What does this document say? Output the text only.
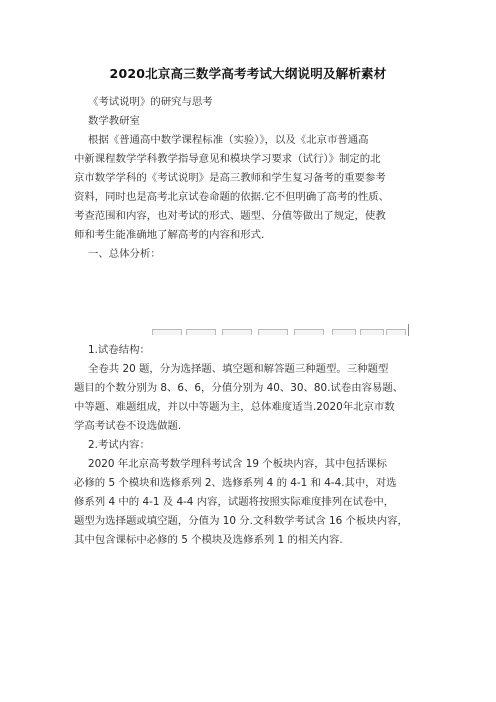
2020北京高三数学高考考试大纲说明及解析素材
《考试说明》的研究与思考
数学教研室
根据《普通高中数学课程标准（实验）》，以及《北京市普通高
中新课程数学学科教学指导意见和模块学习要求（试行）》制定的北
京市数学学科的《考试说明》是高三教师和学生复习备考的重要参考
资料，同时也是高考北京试卷命题的依据.它不但明确了高考的性质、
考查范围和内容，也对考试的形式、题型、分值等做出了规定，使教
师和考生能准确地了解高考的内容和形式.
一、总体分析：
1.试卷结构：
全卷共 20 题，分为选择题、填空题和解答题三种题型。三种题型
题目的个数分别为 8、6、6，分值分别为 40、30、80.试卷由容易题、
中等题、难题组成，并以中等题为主，总体难度适当.2020年北京市数
学高考试卷不设选做题.
2.考试内容：
2020 年北京高考数学理科考试含 19 个板块内容，其中包括课标
必修的 5 个模块和选修系列 2、选修系列 4 的 4-1 和 4-4.其中，对选
修系列 4 中的 4-1 及 4-4 内容，试题将按照实际难度排列在试卷中，
题型为选择题或填空题，分值为 10 分.文科数学考试含 16 个板块内容，
其中包含课标中必修的 5 个模块及选修系列 1 的相关内容.
